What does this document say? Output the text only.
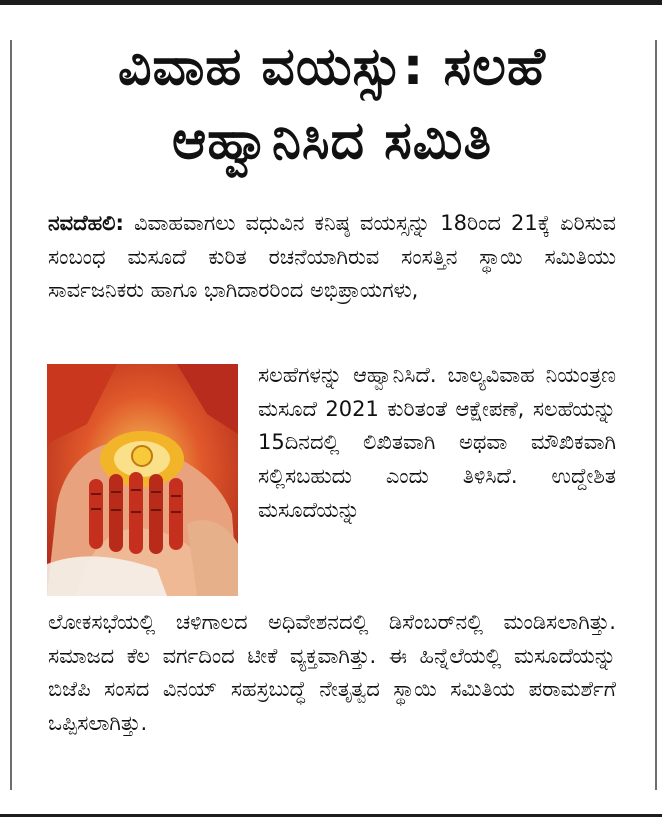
ವಿವಾಹ ವಯಸ್ಸು: ಸಲಹೆ
ಆಹ್ವಾನಿಸಿದ ಸಮಿತಿ

ನವದೆಹಲಿ: ವಿವಾಹವಾಗಲು ವಧುವಿನ ಕನಿಷ್ಠ ವಯಸ್ಸನ್ನು 18ರಿಂದ 21ಕ್ಕೆ ಏರಿಸುವ ಸಂಬಂಧ ಮಸೂದೆ ಕುರಿತ ರಚನೆಯಾಗಿರುವ ಸಂಸತ್ತಿನ ಸ್ಥಾಯಿ ಸಮಿತಿಯು ಸಾರ್ವಜನಿಕರು ಹಾಗೂ ಭಾಗಿದಾರರಿಂದ ಅಭಿಪ್ರಾಯಗಳು,

ಸಲಹೆಗಳನ್ನು ಆಹ್ವಾನಿಸಿದೆ. ಬಾಲ್ಯವಿವಾಹ ನಿಯಂತ್ರಣ ಮಸೂದೆ 2021 ಕುರಿತಂತೆ ಆಕ್ಷೇಪಣೆ, ಸಲಹೆಯನ್ನು 15ದಿನದಲ್ಲಿ ಲಿಖಿತವಾಗಿ ಅಥವಾ ಮೌಖಿಕವಾಗಿ ಸಲ್ಲಿಸಬಹುದು ಎಂದು ತಿಳಿಸಿದೆ. ಉದ್ದೇಶಿತ ಮಸೂದೆಯನ್ನು

ಲೋಕಸಭೆಯಲ್ಲಿ ಚಳಿಗಾಲದ ಅಧಿವೇಶನದಲ್ಲಿ ಡಿಸೆಂಬರ್‌ನಲ್ಲಿ ಮಂಡಿಸಲಾಗಿತ್ತು. ಸಮಾಜದ ಕೆಲ ವರ್ಗದಿಂದ ಟೀಕೆ ವ್ಯಕ್ತವಾಗಿತ್ತು. ಈ ಹಿನ್ನೆಲೆಯಲ್ಲಿ ಮಸೂದೆಯನ್ನು ಬಿಜೆಪಿ ಸಂಸದ ವಿನಯ್‌ ಸಹಸ್ರಬುದ್ಧೆ ನೇತೃತ್ವದ ಸ್ಥಾಯಿ ಸಮಿತಿಯ ಪರಾಮರ್ಶೆಗೆ ಒಪ್ಪಿಸಲಾಗಿತ್ತು.
